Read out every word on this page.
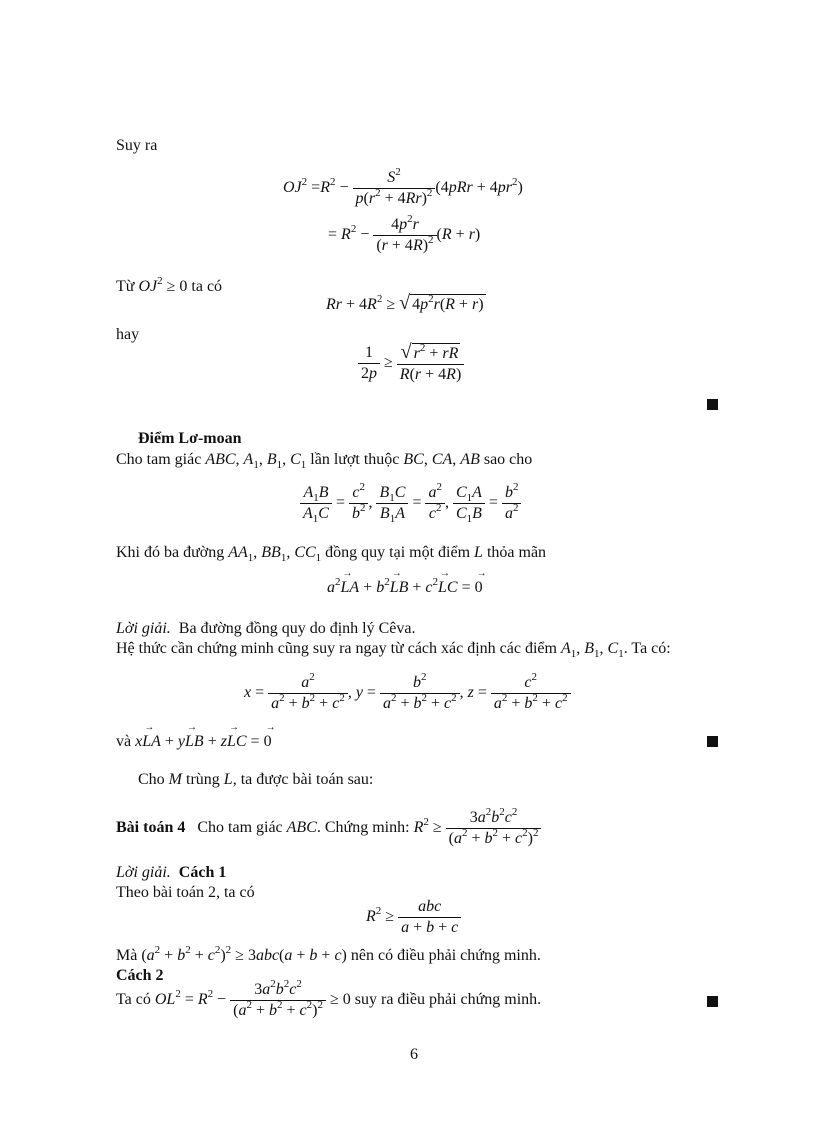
Suy ra
$OJ^2 =R^2 - \frac{S^2}{p(r^2 + 4Rr)^2} (4pRr + 4pr^2)$
= $R^2 - \frac{4p^2r}{(r + 4R)^2} (R + r)$
Từ $OJ^2 \ge 0$ ta có
$Rr + 4R^2$ ≥ √ $4p^2r(R + r)$
hay
$\frac{1}{2p} \ge \frac{√ r^2 + rR}{R(r + 4R)}$
Điểm Lơ-moan
Cho tam giác ABC, $A_1$, $B_1$, $C_1$ lần lượt thuộc BC, CA, AB sao cho
$\frac{A_1B}{A_1C} = \frac{c^2}{b^2}$ , $\frac{B_1C}{B_1A} = \frac{a^2}{c^2}$ , $\frac{C_1A}{C_1B} = \frac{b^2}{a^2}$
Khi đó ba đường $AA_1$, $BB_1$, $CC_1$ đồng quy tại một điểm L thỏa mãn
$a^2\to$ LA + $b^2\to$ LB + $c^2\to$ LC = → 0
Lời giải. Ba đường đồng quy do định lý Cêva.
Hệ thức cần chứng minh cũng suy ra ngay từ cách xác định các điểm $A_1$, $B_1$, $C_1$. Ta có:
$x = \frac{a^2}{a^2 + b^2 + c^2}$ , $y = \frac{b^2}{a^2 + b^2 + c^2}$ , $z = \frac{c^2}{a^2 + b^2 + c^2}$
và x→ LA + y→ LB + z→ LC = → 0
Cho M trùng L, ta được bài toán sau:
Bài toán 4 Cho tam giác ABC. Chứng minh: $R^2 \ge \frac{3a^2b^2c^2}{(a^2 + b^2 + c^2)^2}$
Lời giải. Cách 1
Theo bài toán 2, ta có
$R^2 \ge \frac{\text{abc}}{a + b + c}$
Mà $(a^2 + b^2 + c^2)^2 \ge 3abc(a + b + c)$ nên có điều phải chứng minh.
Cách 2
Ta có $OL^2 = R^2 - \frac{3a^2b^2c^2}{(a^2 + b^2 + c^2)^2} \ge 0$ suy ra điều phải chứng minh.
6
